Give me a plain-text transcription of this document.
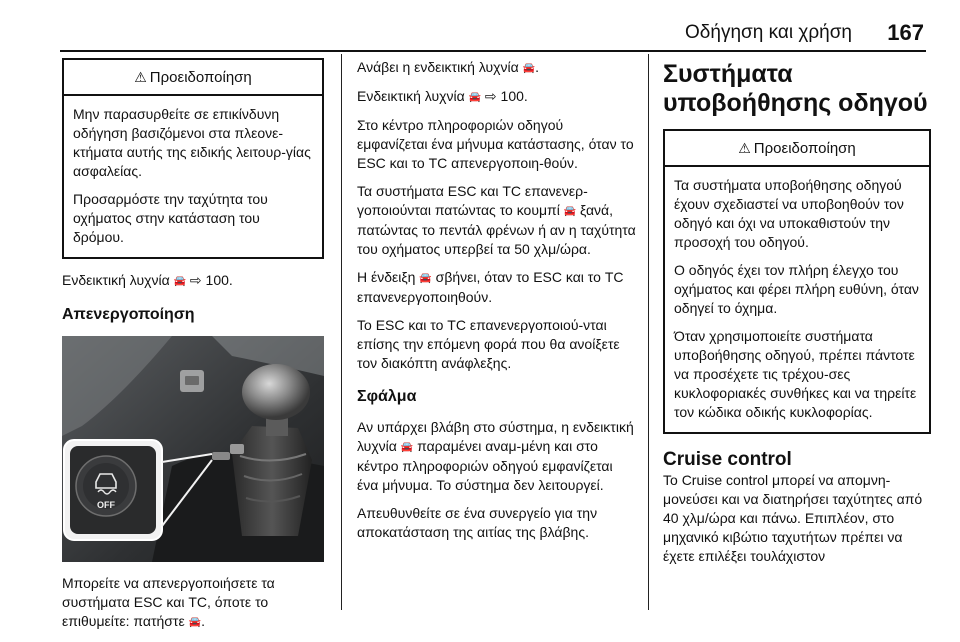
Οδήγηση και χρήση	167
⚠ Προειδοποίηση

Μην παρασυρθείτε σε επικίνδυνη οδήγηση βασιζόμενοι στα πλεονε-κτήματα αυτής της ειδικής λειτουρ-γίας ασφαλείας.

Προσαρμόστε την ταχύτητα του οχήματος στην κατάσταση του δρόμου.

Ενδεικτική λυχνία 🚘 ⇨ 100.

Απενεργοποίηση
OFF

Μπορείτε να απενεργοποιήσετε τα συστήματα ESC και TC, όποτε το επιθυμείτε: πατήστε 🚘.

Ανάβει η ενδεικτική λυχνία 🚘.

Ενδεικτική λυχνία 🚘 ⇨ 100.

Στο κέντρο πληροφοριών οδηγού εμφανίζεται ένα μήνυμα κατάστασης, όταν το ESC και το TC απενεργοποιη-θούν.

Τα συστήματα ESC και TC επανενερ-γοποιούνται πατώντας το κουμπί 🚘 ξανά, πατώντας το πεντάλ φρένων ή αν η ταχύτητα του οχήματος υπερβεί τα 50 χλμ/ώρα.

Η ένδειξη 🚘 σβήνει, όταν το ESC και το TC επανενεργοποιηθούν.

Το ESC και το TC επανενεργοποιού-νται επίσης την επόμενη φορά που θα ανοίξετε τον διακόπτη ανάφλεξης.

Σφάλμα

Αν υπάρχει βλάβη στο σύστημα, η ενδεικτική λυχνία 🚘 παραμένει αναμ-μένη και στο κέντρο πληροφοριών οδηγού εμφανίζεται ένα μήνυμα. Το σύστημα δεν λειτουργεί.

Απευθυνθείτε σε ένα συνεργείο για την αποκατάσταση της αιτίας της βλάβης.

Συστήματα υποβοήθησης οδηγού
⚠ Προειδοποίηση

Τα συστήματα υποβοήθησης οδηγού έχουν σχεδιαστεί να υποβοηθούν τον οδηγό και όχι να υποκαθιστούν την προσοχή του οδηγού.

Ο οδηγός έχει τον πλήρη έλεγχο του οχήματος και φέρει πλήρη ευθύνη, όταν οδηγεί το όχημα.

Όταν χρησιμοποιείτε συστήματα υποβοήθησης οδηγού, πρέπει πάντοτε να προσέχετε τις τρέχου-σες κυκλοφοριακές συνθήκες και να τηρείτε τον κώδικα οδικής κυκλοφορίας.

Cruise control

Το Cruise control μπορεί να απομνη-μονεύσει και να διατηρήσει ταχύτητες από 40 χλμ/ώρα και πάνω. Επιπλέον, στο μηχανικό κιβώτιο ταχυτήτων πρέπει να έχετε επιλέξει τουλάχιστον
